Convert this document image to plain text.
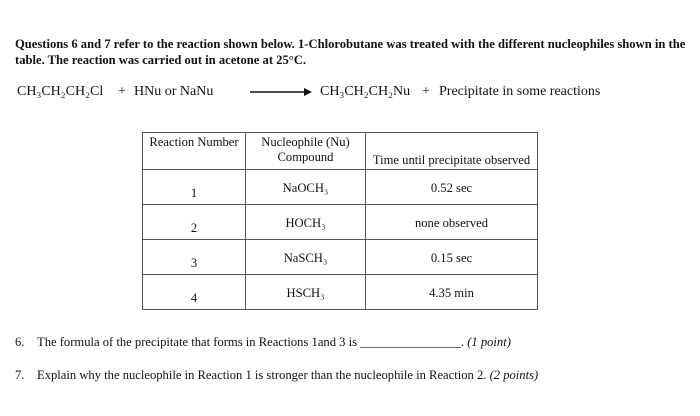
Questions 6 and 7 refer to the reaction shown below. 1-Chlorobutane was treated with the different nucleophiles shown in the table. The reaction was carried out in acetone at 25°C.
CH₃CH₂CH₂Cl + HNu or NaNu	CH₃CH₂CH₂Nu + Precipitate in some reactions
Reaction Number	Nucleophile (Nu) Compound	Time until precipitate observed

1	NaOCH₃	0.52 sec

2	HOCH₃	none observed

3	NaSCH₃	0.15 sec

4	HSCH₃	4.35 min
6. The formula of the precipitate that forms in Reactions 1and 3 is ________________. (1 point)
7. Explain why the nucleophile in Reaction 1 is stronger than the nucleophile in Reaction 2. (2 points)
